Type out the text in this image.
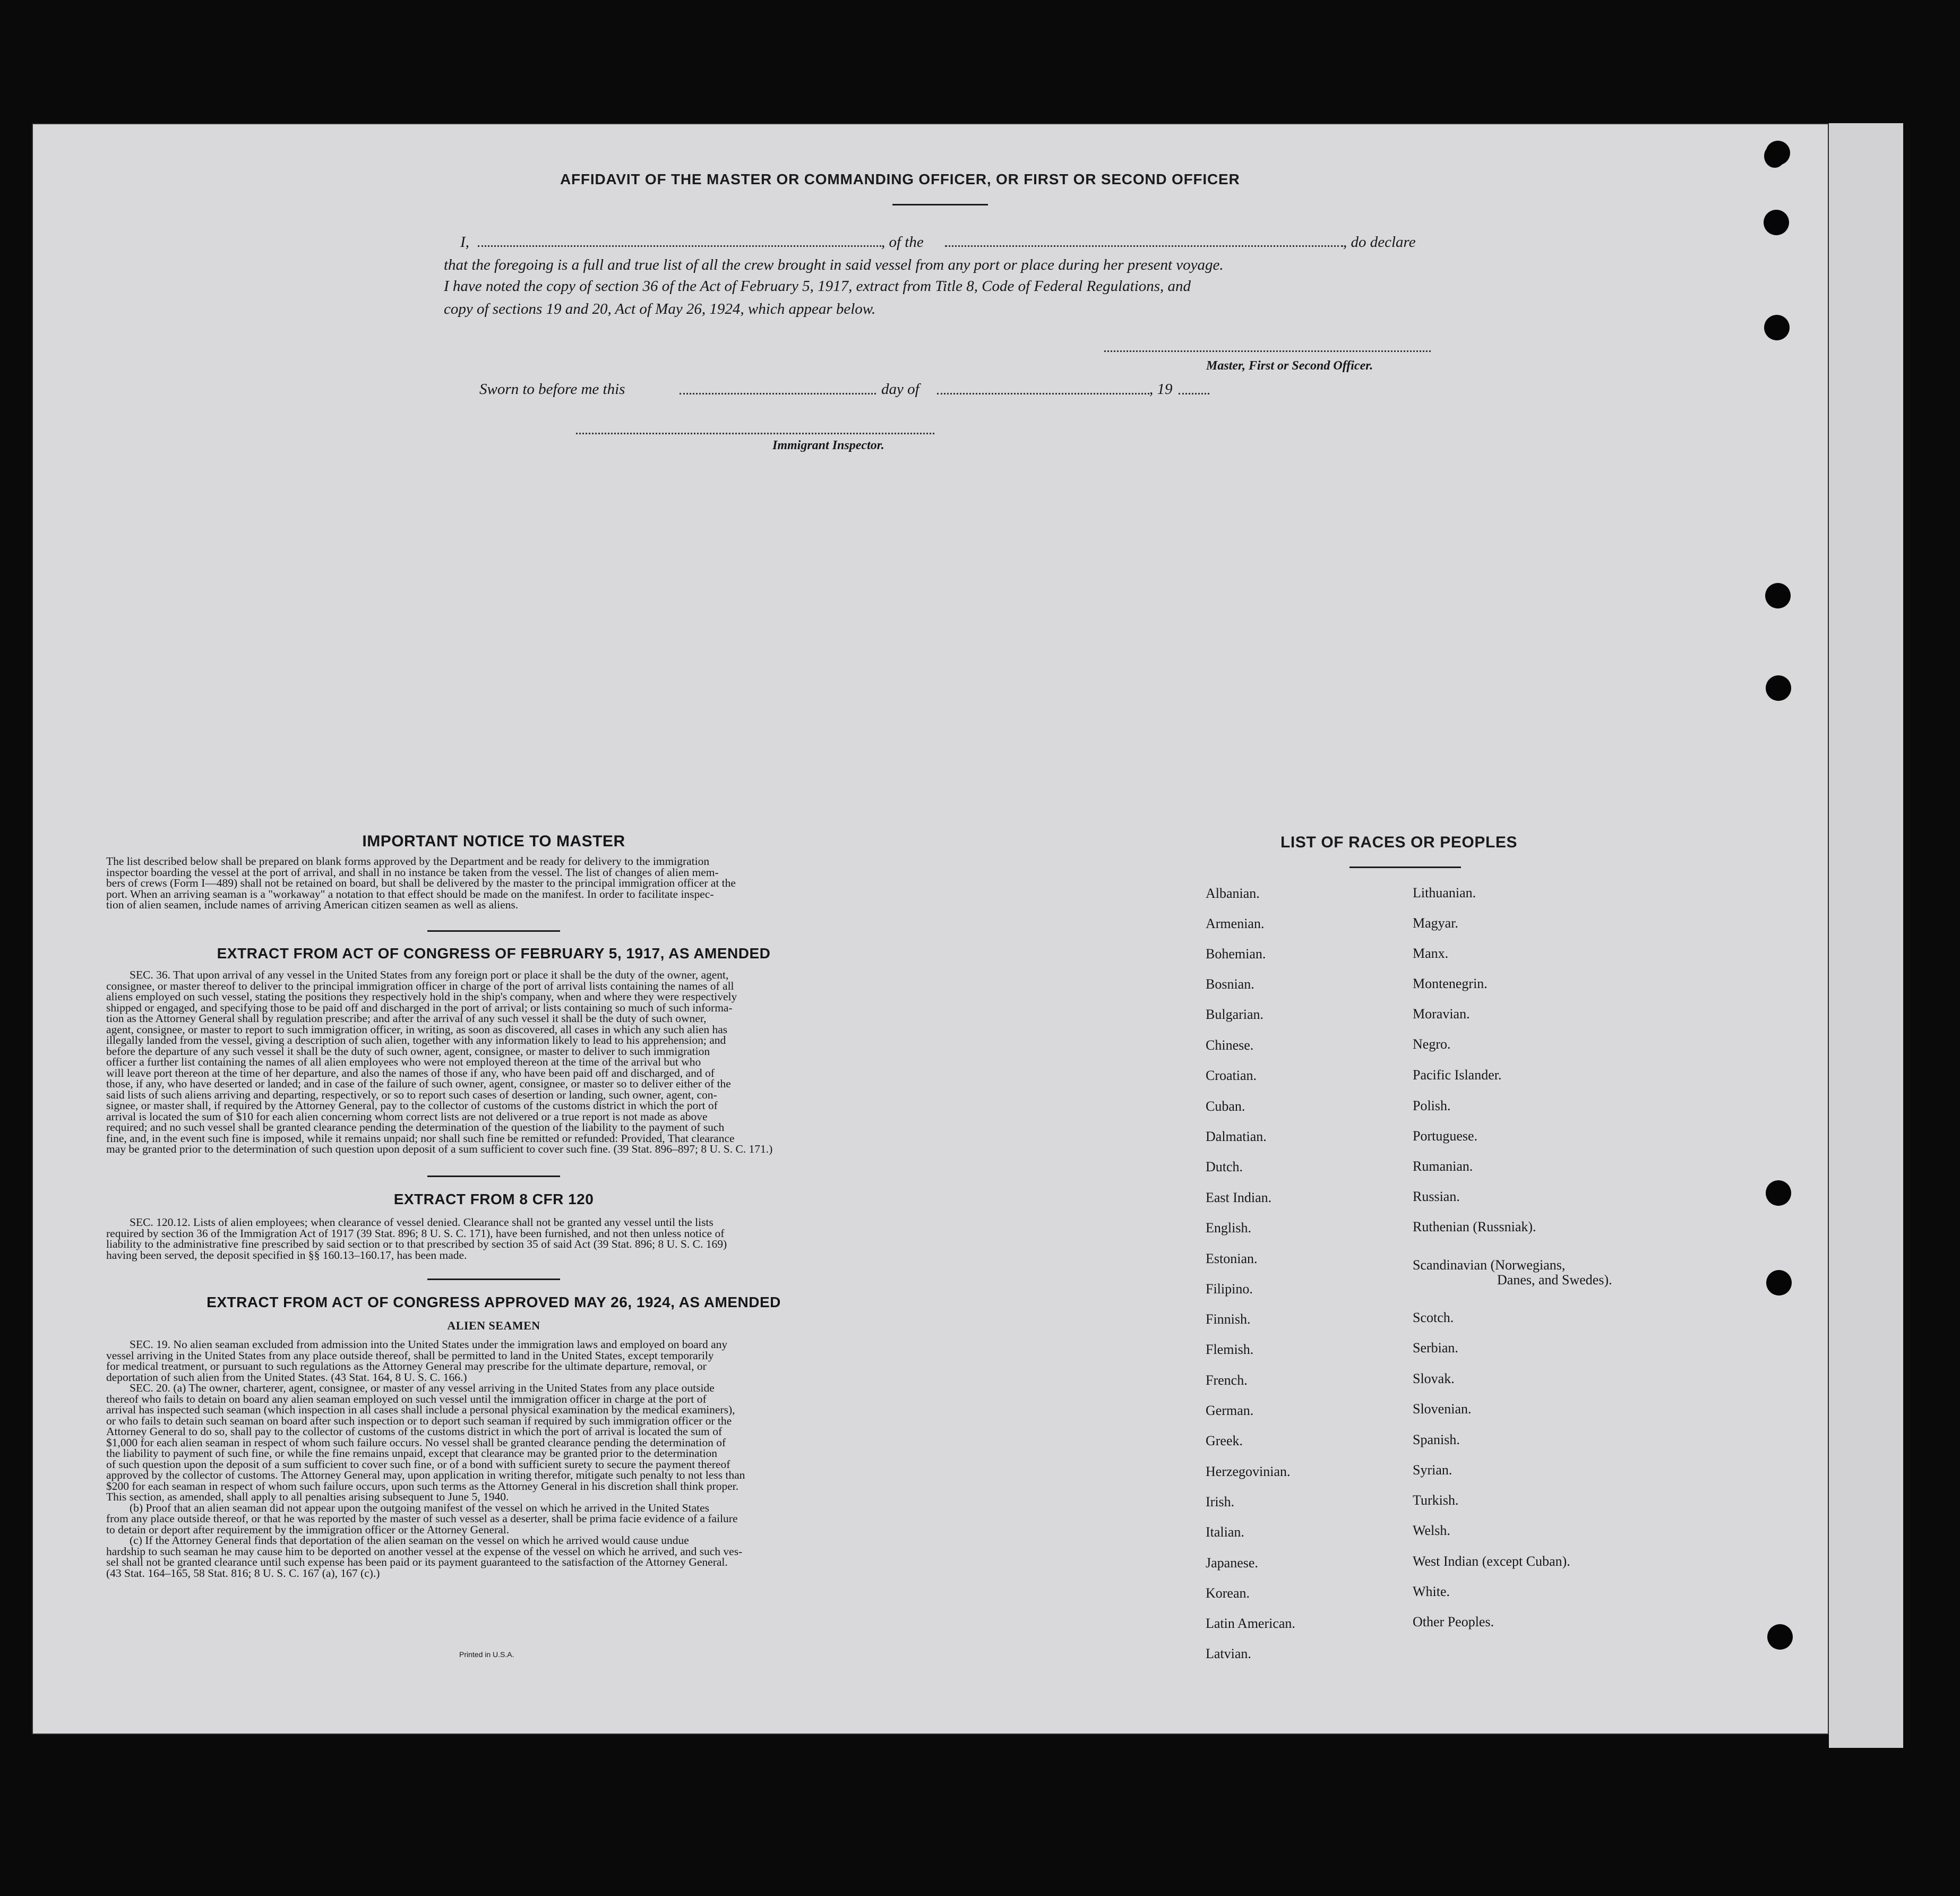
AFFIDAVIT OF THE MASTER OR COMMANDING OFFICER, OR FIRST OR SECOND OFFICER
I,	, of the	, do declare
that the foregoing is a full and true list of all the crew brought in said vessel from any port or place during her present voyage.
I have noted the copy of section 36 of the Act of February 5, 1917, extract from Title 8, Code of Federal Regulations, and
copy of sections 19 and 20, Act of May 26, 1924, which appear below.
Master, First or Second Officer.
Sworn to before me this	day of	, 19
Immigrant Inspector.
IMPORTANT NOTICE TO MASTER

The list described below shall be prepared on blank forms approved by the Department and be ready for delivery to the immigration

inspector boarding the vessel at the port of arrival, and shall in no instance be taken from the vessel. The list of changes of alien mem-

bers of crews (Form I—489) shall not be retained on board, but shall be delivered by the master to the principal immigration officer at the

port. When an arriving seaman is a "workaway" a notation to that effect should be made on the manifest. In order to facilitate inspec-

tion of alien seamen, include names of arriving American citizen seamen as well as aliens.

EXTRACT FROM ACT OF CONGRESS OF FEBRUARY 5, 1917, AS AMENDED

SEC. 36. That upon arrival of any vessel in the United States from any foreign port or place it shall be the duty of the owner, agent,

consignee, or master thereof to deliver to the principal immigration officer in charge of the port of arrival lists containing the names of all

aliens employed on such vessel, stating the positions they respectively hold in the ship's company, when and where they were respectively

shipped or engaged, and specifying those to be paid off and discharged in the port of arrival; or lists containing so much of such informa-

tion as the Attorney General shall by regulation prescribe; and after the arrival of any such vessel it shall be the duty of such owner,

agent, consignee, or master to report to such immigration officer, in writing, as soon as discovered, all cases in which any such alien has

illegally landed from the vessel, giving a description of such alien, together with any information likely to lead to his apprehension; and

before the departure of any such vessel it shall be the duty of such owner, agent, consignee, or master to deliver to such immigration

officer a further list containing the names of all alien employees who were not employed thereon at the time of the arrival but who

will leave port thereon at the time of her departure, and also the names of those if any, who have been paid off and discharged, and of

those, if any, who have deserted or landed; and in case of the failure of such owner, agent, consignee, or master so to deliver either of the

said lists of such aliens arriving and departing, respectively, or so to report such cases of desertion or landing, such owner, agent, con-

signee, or master shall, if required by the Attorney General, pay to the collector of customs of the customs district in which the port of

arrival is located the sum of $10 for each alien concerning whom correct lists are not delivered or a true report is not made as above

required; and no such vessel shall be granted clearance pending the determination of the question of the liability to the payment of such

fine, and, in the event such fine is imposed, while it remains unpaid; nor shall such fine be remitted or refunded: Provided, That clearance

may be granted prior to the determination of such question upon deposit of a sum sufficient to cover such fine. (39 Stat. 896–897; 8 U. S. C. 171.)

EXTRACT FROM 8 CFR 120

SEC. 120.12. Lists of alien employees; when clearance of vessel denied. Clearance shall not be granted any vessel until the lists

required by section 36 of the Immigration Act of 1917 (39 Stat. 896; 8 U. S. C. 171), have been furnished, and not then unless notice of

liability to the administrative fine prescribed by said section or to that prescribed by section 35 of said Act (39 Stat. 896; 8 U. S. C. 169)

having been served, the deposit specified in §§ 160.13–160.17, has been made.

EXTRACT FROM ACT OF CONGRESS APPROVED MAY 26, 1924, AS AMENDED
ALIEN SEAMEN

SEC. 19. No alien seaman excluded from admission into the United States under the immigration laws and employed on board any

vessel arriving in the United States from any place outside thereof, shall be permitted to land in the United States, except temporarily

for medical treatment, or pursuant to such regulations as the Attorney General may prescribe for the ultimate departure, removal, or

deportation of such alien from the United States. (43 Stat. 164, 8 U. S. C. 166.)

SEC. 20. (a) The owner, charterer, agent, consignee, or master of any vessel arriving in the United States from any place outside

thereof who fails to detain on board any alien seaman employed on such vessel until the immigration officer in charge at the port of

arrival has inspected such seaman (which inspection in all cases shall include a personal physical examination by the medical examiners),

or who fails to detain such seaman on board after such inspection or to deport such seaman if required by such immigration officer or the

Attorney General to do so, shall pay to the collector of customs of the customs district in which the port of arrival is located the sum of

$1,000 for each alien seaman in respect of whom such failure occurs. No vessel shall be granted clearance pending the determination of

the liability to payment of such fine, or while the fine remains unpaid, except that clearance may be granted prior to the determination

of such question upon the deposit of a sum sufficient to cover such fine, or of a bond with sufficient surety to secure the payment thereof

approved by the collector of customs. The Attorney General may, upon application in writing therefor, mitigate such penalty to not less than

$200 for each seaman in respect of whom such failure occurs, upon such terms as the Attorney General in his discretion shall think proper.

This section, as amended, shall apply to all penalties arising subsequent to June 5, 1940.

(b) Proof that an alien seaman did not appear upon the outgoing manifest of the vessel on which he arrived in the United States

from any place outside thereof, or that he was reported by the master of such vessel as a deserter, shall be prima facie evidence of a failure

to detain or deport after requirement by the immigration officer or the Attorney General.

(c) If the Attorney General finds that deportation of the alien seaman on the vessel on which he arrived would cause undue

hardship to such seaman he may cause him to be deported on another vessel at the expense of the vessel on which he arrived, and such ves-

sel shall not be granted clearance until such expense has been paid or its payment guaranteed to the satisfaction of the Attorney General.

(43 Stat. 164–165, 58 Stat. 816; 8 U. S. C. 167 (a), 167 (c).)

Printed in U.S.A.
LIST OF RACES OR PEOPLES
Albanian.
Armenian.
Bohemian.
Bosnian.
Bulgarian.
Chinese.
Croatian.
Cuban.
Dalmatian.
Dutch.
East Indian.
English.
Estonian.
Filipino.
Finnish.
Flemish.
French.
German.
Greek.
Herzegovinian.
Irish.
Italian.
Japanese.
Korean.
Latin American.
Latvian.
Lithuanian.
Magyar.
Manx.
Montenegrin.
Moravian.
Negro.
Pacific Islander.
Polish.
Portuguese.
Rumanian.
Russian.
Ruthenian (Russniak).
Scandinavian (Norwegians,
Danes, and Swedes).
Scotch.
Serbian.
Slovak.
Slovenian.
Spanish.
Syrian.
Turkish.
Welsh.
West Indian (except Cuban).
White.
Other Peoples.
